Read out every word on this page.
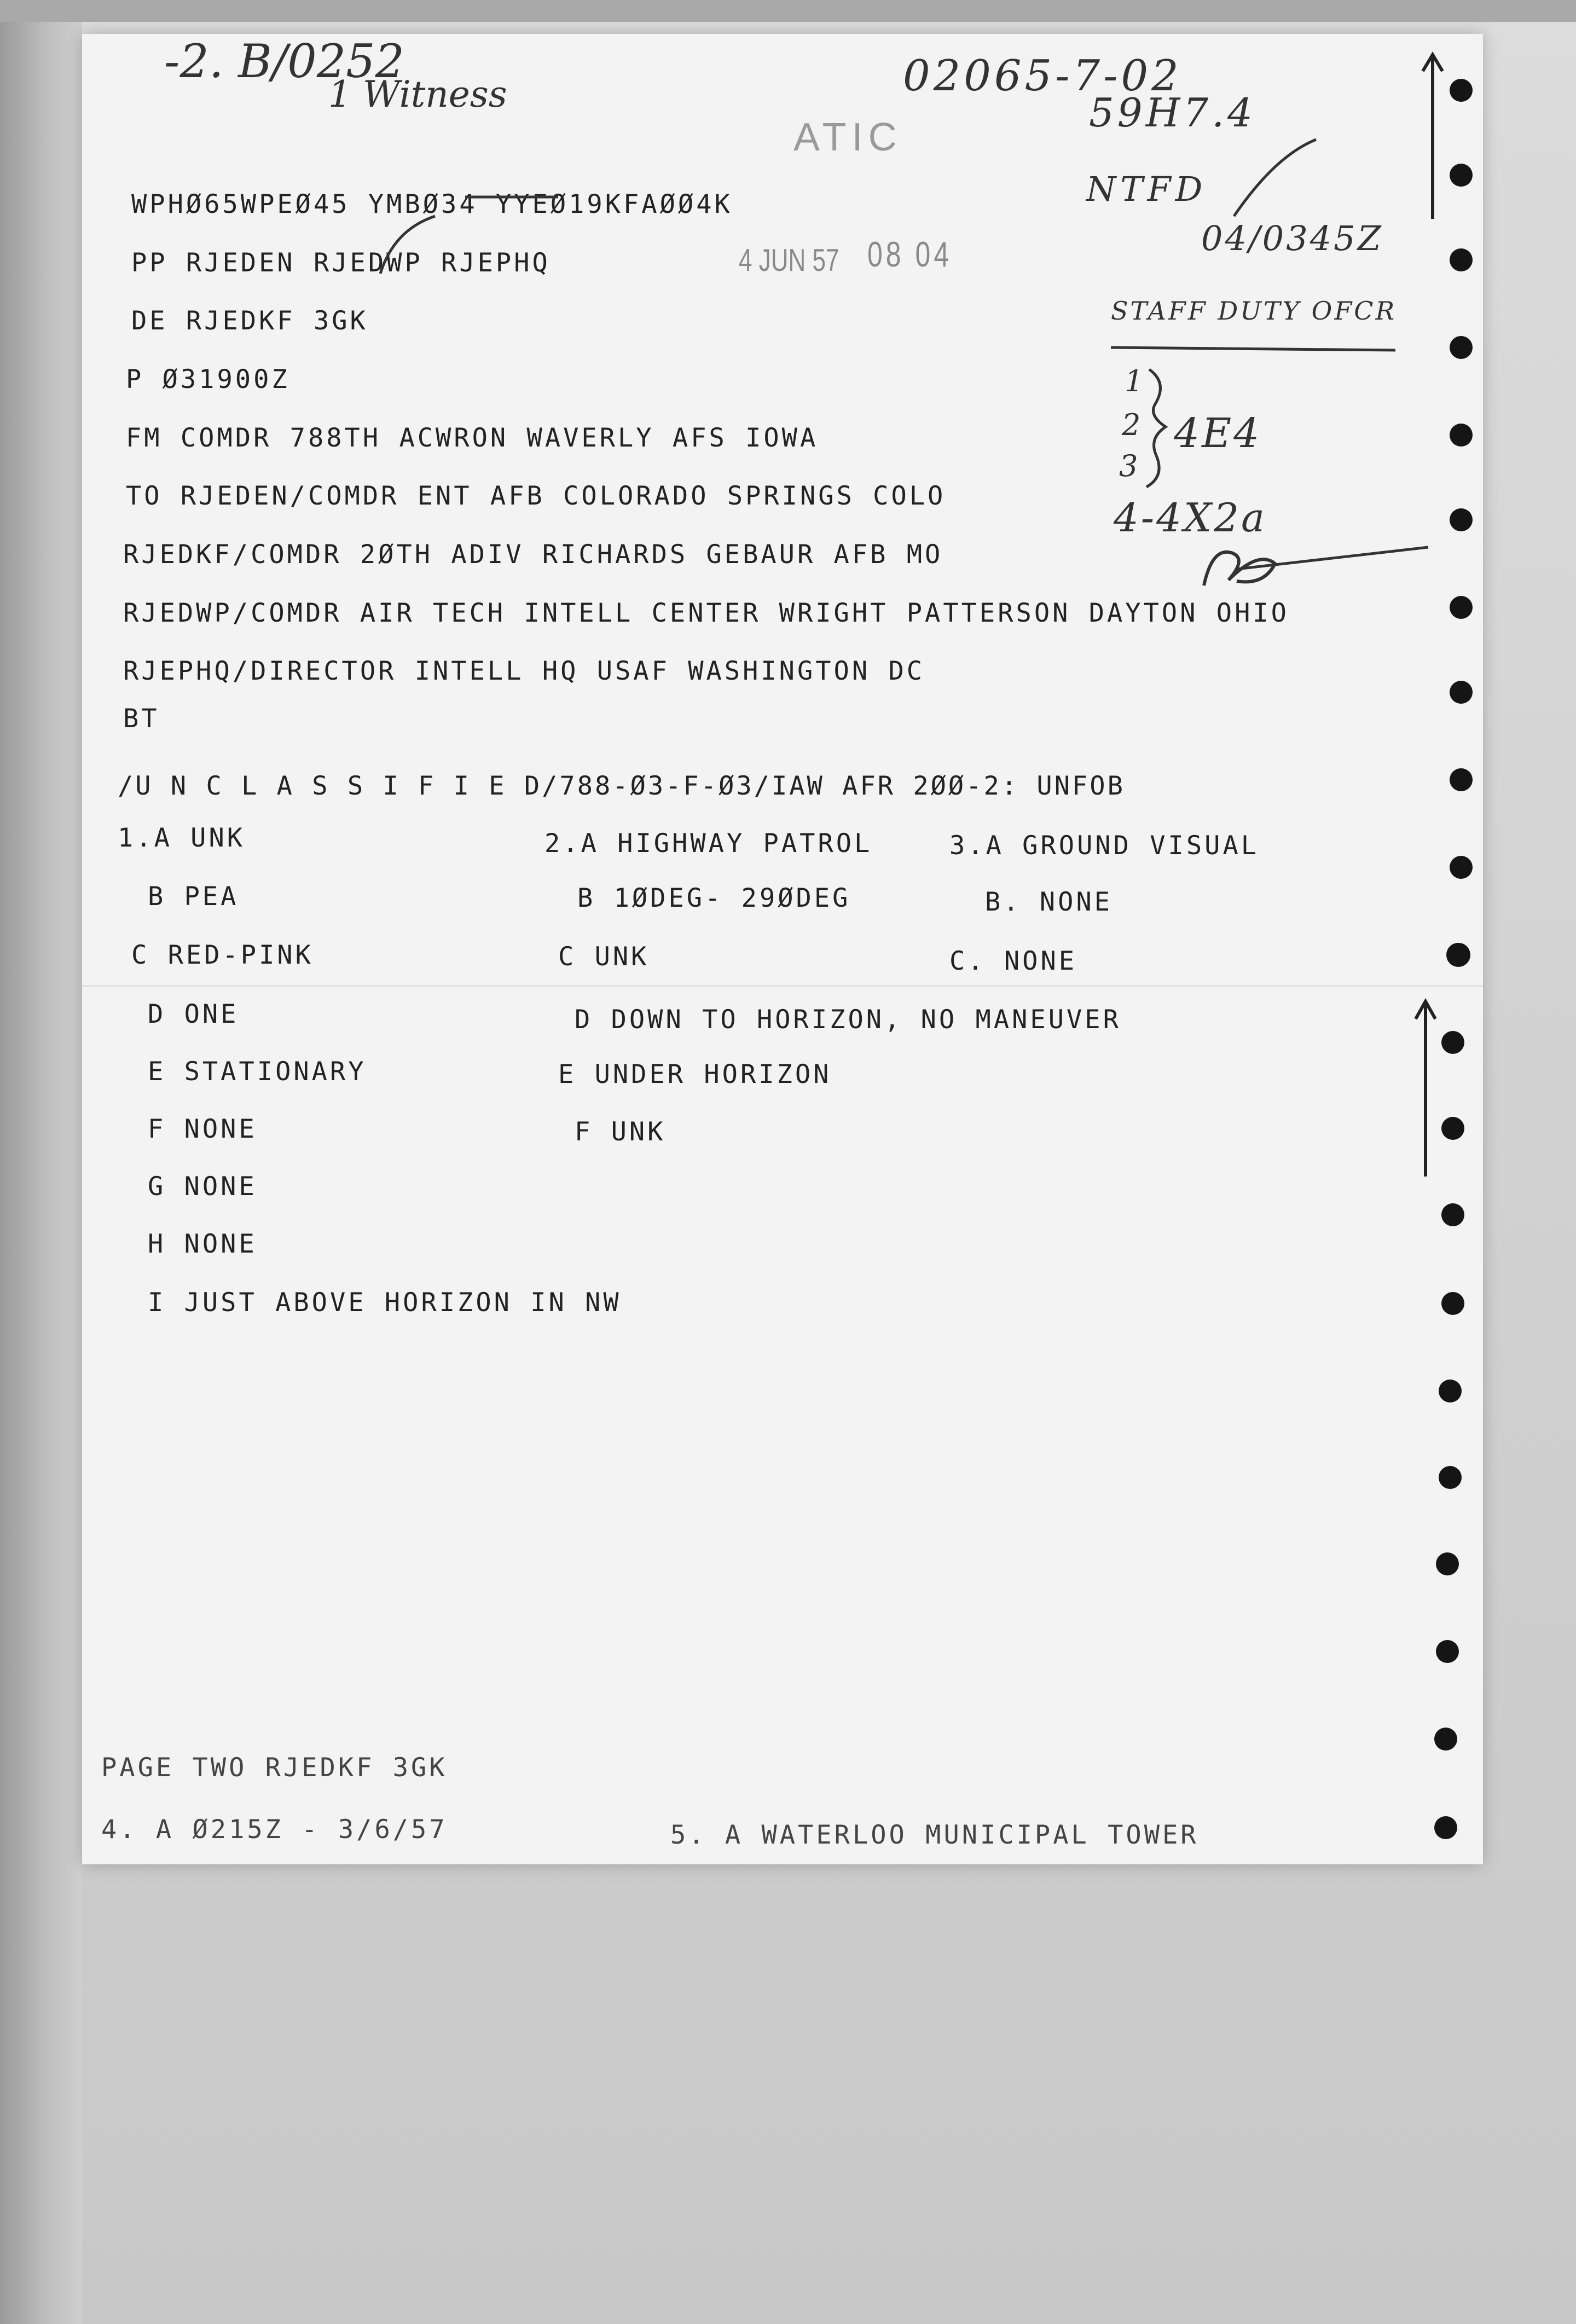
-2. B/0252
1 Witness	02065-7-02
59H7.4
NTFD
04/0345Z
STAFF DUTY OFCR
1
2
3
4E4
4-4X2a
ATIC
4 JUN 57 08 04
WPHØ65WPEØ45 YMBØ34 YYEØ19KFAØØ4K
PP RJEDEN RJEDWP RJEPHQ
DE RJEDKF 3GK
P Ø31900Z
FM COMDR 788TH ACWRON WAVERLY AFS IOWA
TO RJEDEN/COMDR ENT AFB COLORADO SPRINGS COLO
RJEDKF/COMDR 2ØTH ADIV RICHARDS GEBAUR AFB MO
RJEDWP/COMDR AIR TECH INTELL CENTER WRIGHT PATTERSON DAYTON OHIO
RJEPHQ/DIRECTOR INTELL HQ USAF WASHINGTON DC
BT
/U N C L A S S I F I E D/788-Ø3-F-Ø3/IAW AFR 2ØØ-2: UNFOB
1.A UNK
B PEA
C RED-PINK
D ONE
E STATIONARY
F NONE
G NONE
H NONE
I JUST ABOVE HORIZON IN NW
2.A HIGHWAY PATROL
B 1ØDEG- 29ØDEG
C UNK
D DOWN TO HORIZON, NO MANEUVER
E UNDER HORIZON
F UNK
3.A GROUND VISUAL
B. NONE
C. NONE
PAGE TWO RJEDKF 3GK
4. A Ø215Z - 3/6/57	5. A WATERLOO MUNICIPAL TOWER
